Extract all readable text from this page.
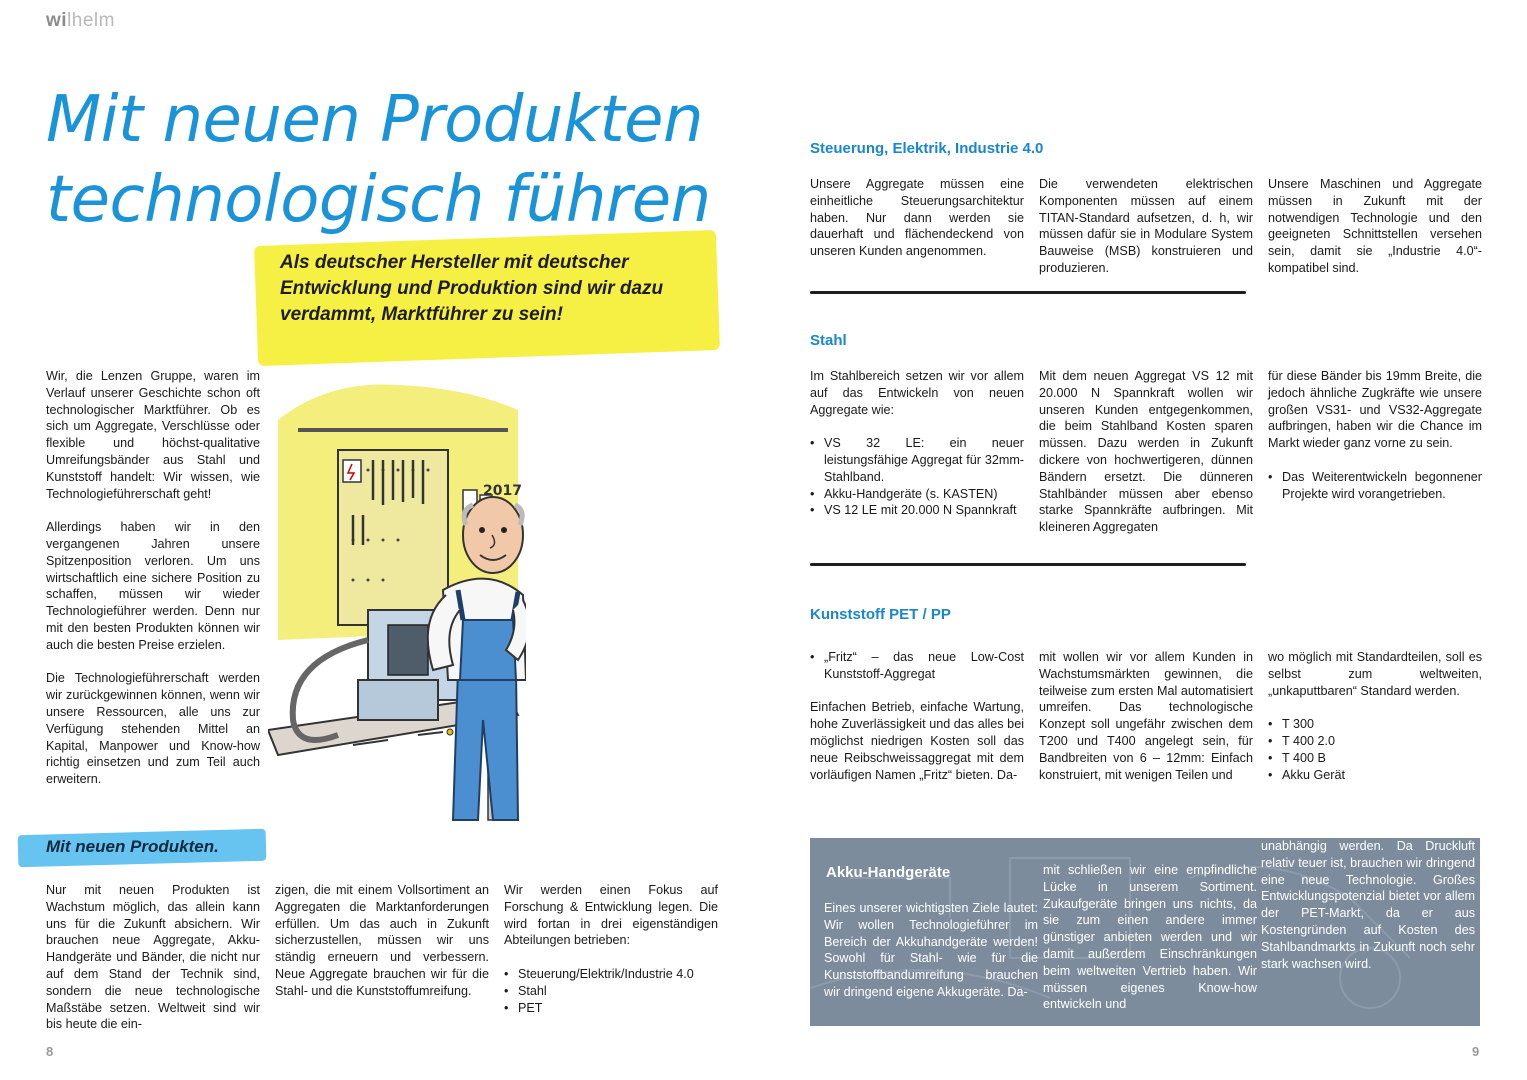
wilhelm
Mit neuen Produkten
technologisch führen
Als deutscher Hersteller mit deutscher Entwicklung und Produktion sind wir dazu verdammt, Marktführer zu sein!

Wir, die Lenzen Gruppe, waren im Verlauf unserer Geschichte schon oft technologischer Marktführer. Ob es sich um Aggregate, Verschlüsse oder flexible und höchst-qualitative Umreifungsbänder aus Stahl und Kunststoff handelt: Wir wissen, wie Technologieführerschaft geht!

Allerdings haben wir in den vergangenen Jahren unsere Spitzenposition verloren. Um uns wirtschaftlich eine sichere Position zu schaffen, müssen wir wieder Technologieführer werden. Denn nur mit den besten Produkten können wir auch die besten Preise erzielen.

Die Technologieführerschaft werden wir zurückgewinnen können, wenn wir unsere Ressourcen, alle uns zur Verfügung stehenden Mittel an Kapital, Manpower und Know-how richtig einsetzen und zum Teil auch erweitern.

2017
Mit neuen Produkten.

Nur mit neuen Produkten ist Wachstum möglich, das allein kann uns für die Zukunft absichern. Wir brauchen neue Aggregate, Akku-Handgeräte und Bänder, die nicht nur auf dem Stand der Technik sind, sondern die neue technologische Maßstäbe setzen. Weltweit sind wir bis heute die ein-

zigen, die mit einem Vollsortiment an Aggregaten die Marktanforderungen erfüllen. Um das auch in Zukunft sicherzustellen, müssen wir uns ständig erneuern und verbessern. Neue Aggregate brauchen wir für die Stahl- und die Kunststoffumreifung.

Wir werden einen Fokus auf Forschung & Entwicklung legen. Die wird fortan in drei eigenständigen Abteilungen betrieben:

• Steuerung/Elektrik/Industrie 4.0
• Stahl
• PET
8
Steuerung, Elektrik, Industrie 4.0
Unsere Aggregate müssen eine einheitliche Steuerungsarchitektur haben. Nur dann werden sie dauerhaft und flächendeckend von unseren Kunden angenommen.
Die verwendeten elektrischen Komponenten müssen auf einem TITAN-Standard aufsetzen, d. h, wir müssen dafür sie in Modulare System Bauweise (MSB) konstruieren und produzieren.
Unsere Maschinen und Aggregate müssen in Zukunft mit der notwendigen Technologie und den geeigneten Schnittstellen versehen sein, damit sie „Industrie 4.0“-kompatibel sind.
Stahl

Im Stahlbereich setzen wir vor allem auf das Entwickeln von neuen Aggregate wie:

• VS 32 LE: ein neuer leistungsfähige Aggregat für 32mm-Stahlband.
• Akku-Handgeräte (s. KASTEN)
• VS 12 LE mit 20.000 N Spannkraft
Mit dem neuen Aggregat VS 12 mit 20.000 N Spannkraft wollen wir unseren Kunden entgegenkommen, die beim Stahlband Kosten sparen müssen. Dazu werden in Zukunft dickere von hochwertigeren, dünnen Bändern ersetzt. Die dünneren Stahlbänder müssen aber ebenso starke Spannkräfte aufbringen. Mit kleineren Aggregaten

für diese Bänder bis 19mm Breite, die jedoch ähnliche Zugkräfte wie unsere großen VS31- und VS32-Aggregate aufbringen, haben wir die Chance im Markt wieder ganz vorne zu sein.

• Das Weiterentwickeln begonnener Projekte wird vorangetrieben.
Kunststoff PET / PP
• „Fritz“ – das neue Low-Cost Kunststoff-Aggregat

Einfachen Betrieb, einfache Wartung, hohe Zuverlässigkeit und das alles bei möglichst niedrigen Kosten soll das neue Reibschweissaggregat mit dem vorläufigen Namen „Fritz“ bieten. Da-

mit wollen wir vor allem Kunden in Wachstumsmärkten gewinnen, die teilweise zum ersten Mal automatisiert umreifen. Das technologische Konzept soll ungefähr zwischen dem T200 und T400 angelegt sein, für Bandbreiten von 6 – 12mm: Einfach konstruiert, mit wenigen Teilen und

wo möglich mit Standardteilen, soll es selbst zum weltweiten, „unkaputtbaren“ Standard werden.

• T 300
• T 400 2.0
• T 400 B
• Akku Gerät
Akku-Handgeräte
Eines unserer wichtigsten Ziele lautet: Wir wollen Technologieführer im Bereich der Akkuhandgeräte werden! Sowohl für Stahl- wie für die Kunststoffbandumreifung brauchen wir dringend eigene Akkugeräte. Da-
mit schließen wir eine empfindliche Lücke in unserem Sortiment. Zukaufgeräte bringen uns nichts, da sie zum einen andere immer günstiger anbieten werden und wir damit außerdem Einschränkungen beim weltweiten Vertrieb haben. Wir müssen eigenes Know-how entwickeln und
unabhängig werden. Da Druckluft relativ teuer ist, brauchen wir dringend eine neue Technologie. Großes Entwicklungspotenzial bietet vor allem der PET-Markt, da er aus Kostengründen auf Kosten des Stahlbandmarkts in Zukunft noch sehr stark wachsen wird.
9
